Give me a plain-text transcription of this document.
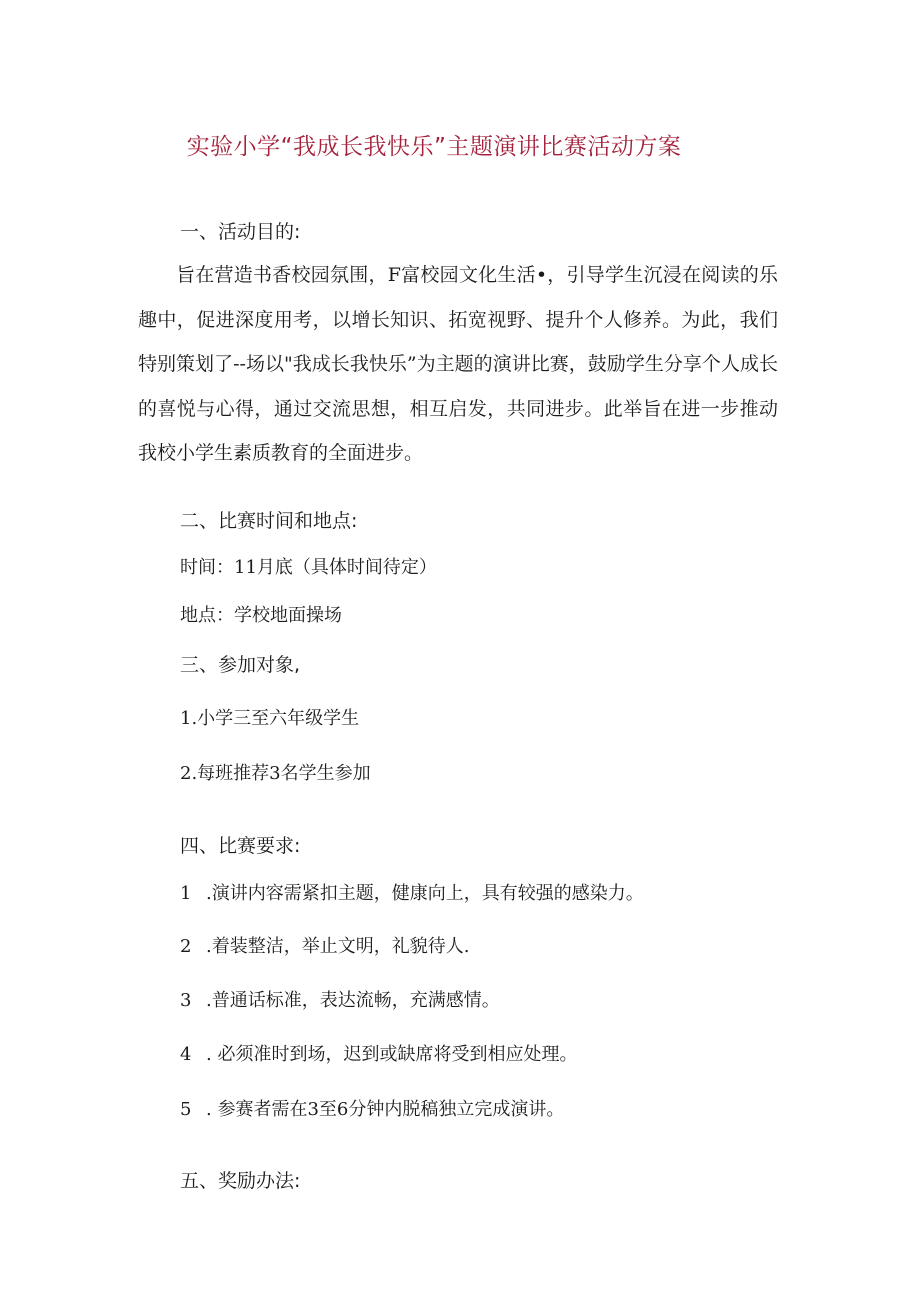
实验小学“我成长我快乐”主题演讲比赛活动方案
一、活动目的:
旨在营造书香校园氛围，F富校园文化生活•，引导学生沉浸在阅读的乐趣中，促进深度用考，以增长知识、拓宽视野、提升个人修养。为此，我们特别策划了--场以"我成长我快乐”为主题的演讲比赛，鼓励学生分享个人成长的喜悦与心得，通过交流思想，相互启发，共同进步。此举旨在进一步推动我校小学生素质教育的全面进步。
二、比赛时间和地点:
时间：11月底（具体时间待定）
地点：学校地面操场
三、参加对象,
1.小学三至六年级学生
2.每班推荐3名学生参加
四、比赛要求:
1 .演讲内容需紧扣主题，健康向上，具有较强的感染力。
2 .着装整洁，举止文明，礼貌待人.
3 .普通话标准，表达流畅，充满感情。
4 . 必须准时到场，迟到或缺席将受到相应处理。
5 . 参赛者需在3至6分钟内脱稿独立完成演讲。
五、奖励办法:
